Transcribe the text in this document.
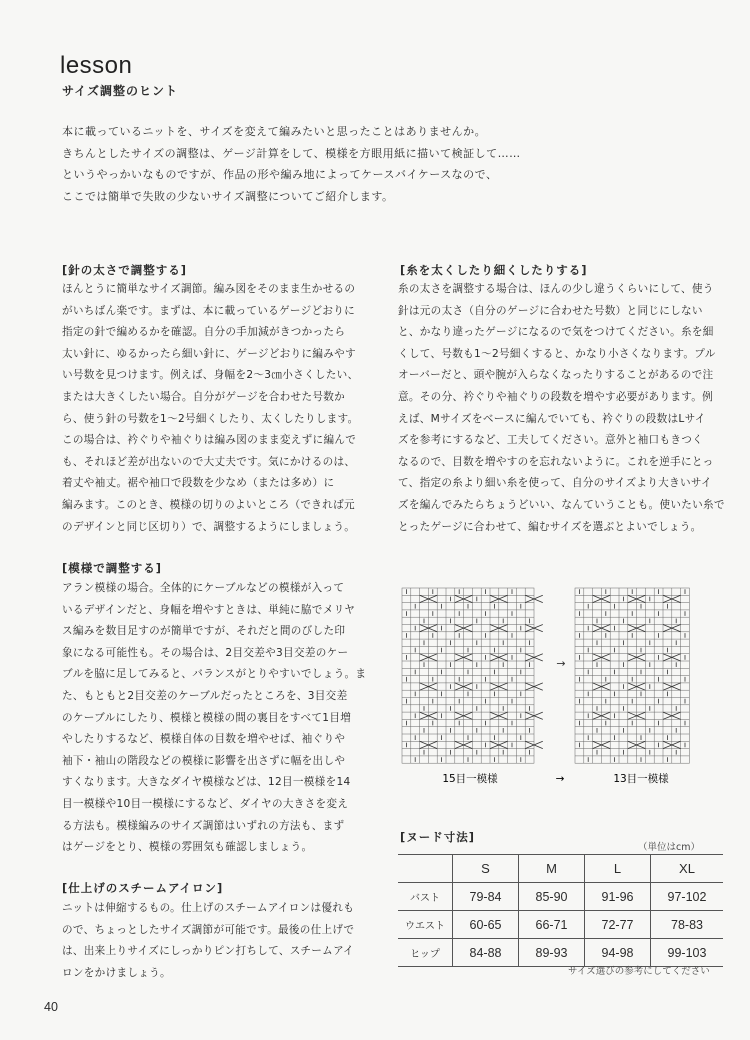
lesson
サイズ調整のヒント
本に載っているニットを、サイズを変えて編みたいと思ったことはありませんか。
きちんとしたサイズの調整は、ゲージ計算をして、模様を方眼用紙に描いて検証して……
というやっかいなものですが、作品の形や編み地によってケースバイケースなので、
ここでは簡単で失敗の少ないサイズ調整についてご紹介します。
[針の太さで調整する]
ほんとうに簡単なサイズ調節。編み図をそのまま生かせるの
がいちばん楽です。まずは、本に載っているゲージどおりに
指定の針で編めるかを確認。自分の手加減がきつかったら
太い針に、ゆるかったら細い針に、ゲージどおりに編みやす
い号数を見つけます。例えば、身幅を2〜3㎝小さくしたい、
または大きくしたい場合。自分がゲージを合わせた号数か
ら、使う針の号数を1〜2号細くしたり、太くしたりします。
この場合は、衿ぐりや袖ぐりは編み図のまま変えずに編んで
も、それほど差が出ないので大丈夫です。気にかけるのは、
着丈や袖丈。裾や袖口で段数を少なめ（または多め）に
編みます。このとき、模様の切りのよいところ（できれば元
のデザインと同じ区切り）で、調整するようにしましょう。
[糸を太くしたり細くしたりする]
糸の太さを調整する場合は、ほんの少し違うくらいにして、使う
針は元の太さ（自分のゲージに合わせた号数）と同じにしない
と、かなり違ったゲージになるので気をつけてください。糸を細
くして、号数も1〜2号細くすると、かなり小さくなります。プル
オーバーだと、頭や腕が入らなくなったりすることがあるので注
意。その分、衿ぐりや袖ぐりの段数を増やす必要があります。例
えば、Mサイズをベースに編んでいても、衿ぐりの段数はLサイ
ズを参考にするなど、工夫してください。意外と袖口もきつく
なるので、目数を増やすのを忘れないように。これを逆手にとっ
て、指定の糸より細い糸を使って、自分のサイズより大きいサイ
ズを編んでみたらちょうどいい、なんていうことも。使いたい糸で
とったゲージに合わせて、編むサイズを選ぶとよいでしょう。
[模様で調整する]
アラン模様の場合。全体的にケーブルなどの模様が入って
いるデザインだと、身幅を増やすときは、単純に脇でメリヤ
ス編みを数目足すのが簡単ですが、それだと間のびした印
象になる可能性も。その場合は、2目交差や3目交差のケー
ブルを脇に足してみると、バランスがとりやすいでしょう。ま
た、もともと2目交差のケーブルだったところを、3目交差
のケーブルにしたり、模様と模様の間の裏目をすべて1目増
やしたりするなど、模様自体の目数を増やせば、袖ぐりや
袖下・袖山の階段などの模様に影響を出さずに幅を出しや
すくなります。大きなダイヤ模様などは、12目一模様を14
目一模様や10目一模様にするなど、ダイヤの大きさを変え
る方法も。模様編みのサイズ調節はいずれの方法も、まず
はゲージをとり、模様の雰囲気も確認しましょう。
[仕上げのスチームアイロン]
ニットは伸縮するもの。仕上げのスチームアイロンは優れも
ので、ちょっとしたサイズ調節が可能です。最後の仕上げで
は、出来上りサイズにしっかりピン打ちして、スチームアイ
ロンをかけましょう。
→
15目一模様	→	13目一模様
[ヌード寸法]
（単位はcm）
	S	M	L	XL
バスト	79-84	85-90	91-96	97-102
ウエスト	60-65	66-71	72-77	78-83
ヒップ	84-88	89-93	94-98	99-103
サイズ選びの参考にしてください
40
